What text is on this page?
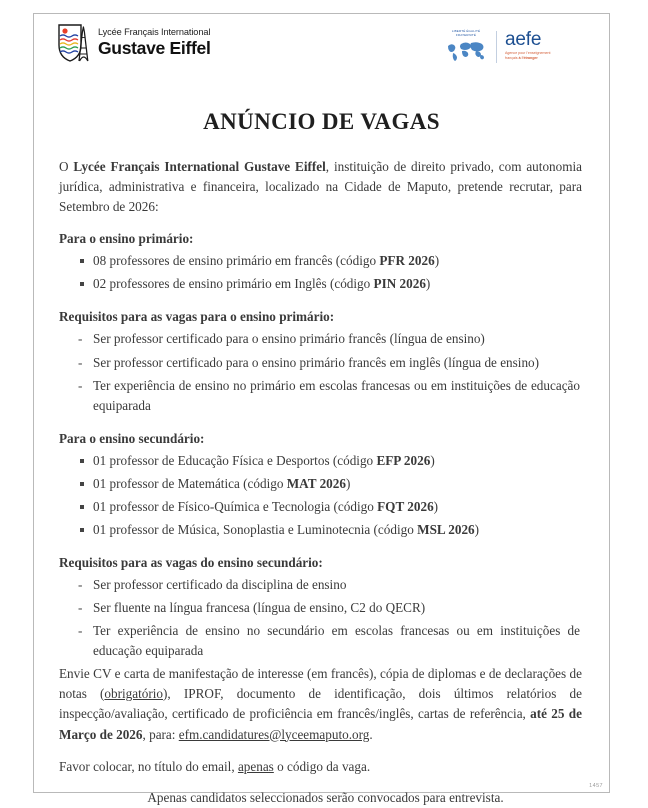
Lycée Français International
Gustave Eiffel
LIBERTÉ ÉGALITÉ FRATERNITÉ	aefe
Agence pour l'enseignement français à l'étranger
ANÚNCIO DE VAGAS

O Lycée Français International Gustave Eiffel, instituição de direito privado, com autonomia jurídica, administrativa e financeira, localizado na Cidade de Maputo, pretende recrutar, para Setembro de 2026:

Para o ensino primário:
08 professores de ensino primário em francês (código PFR 2026)
02 professores de ensino primário em Inglês (código PIN 2026)
Requisitos para as vagas para o ensino primário:
- Ser professor certificado para o ensino primário francês (língua de ensino)
- Ser professor certificado para o ensino primário francês em inglês (língua de ensino)
- Ter experiência de ensino no primário em escolas francesas ou em instituições de educação equiparada
Para o ensino secundário:
01 professor de Educação Física e Desportos (código EFP 2026)
01 professor de Matemática (código MAT 2026)
01 professor de Físico-Química e Tecnologia (código FQT 2026)
01 professor de Música, Sonoplastia e Luminotecnia (código MSL 2026)
Requisitos para as vagas do ensino secundário:
- Ser professor certificado da disciplina de ensino
- Ser fluente na língua francesa (língua de ensino, C2 do QECR)
- Ter experiência de ensino no secundário em escolas francesas ou em instituições de educação equiparada

Envie CV e carta de manifestação de interesse (em francês), cópia de diplomas e de declarações de notas (obrigatório), IPROF, documento de identificação, dois últimos relatórios de inspecção/avaliação, certificado de proficiência em francês/inglês, cartas de referência, até 25 de Março de 2026, para: efm.candidatures@lyceemaputo.org.

Favor colocar, no título do email, apenas o código da vaga.

Apenas candidatos seleccionados serão convocados para entrevista.

1457
